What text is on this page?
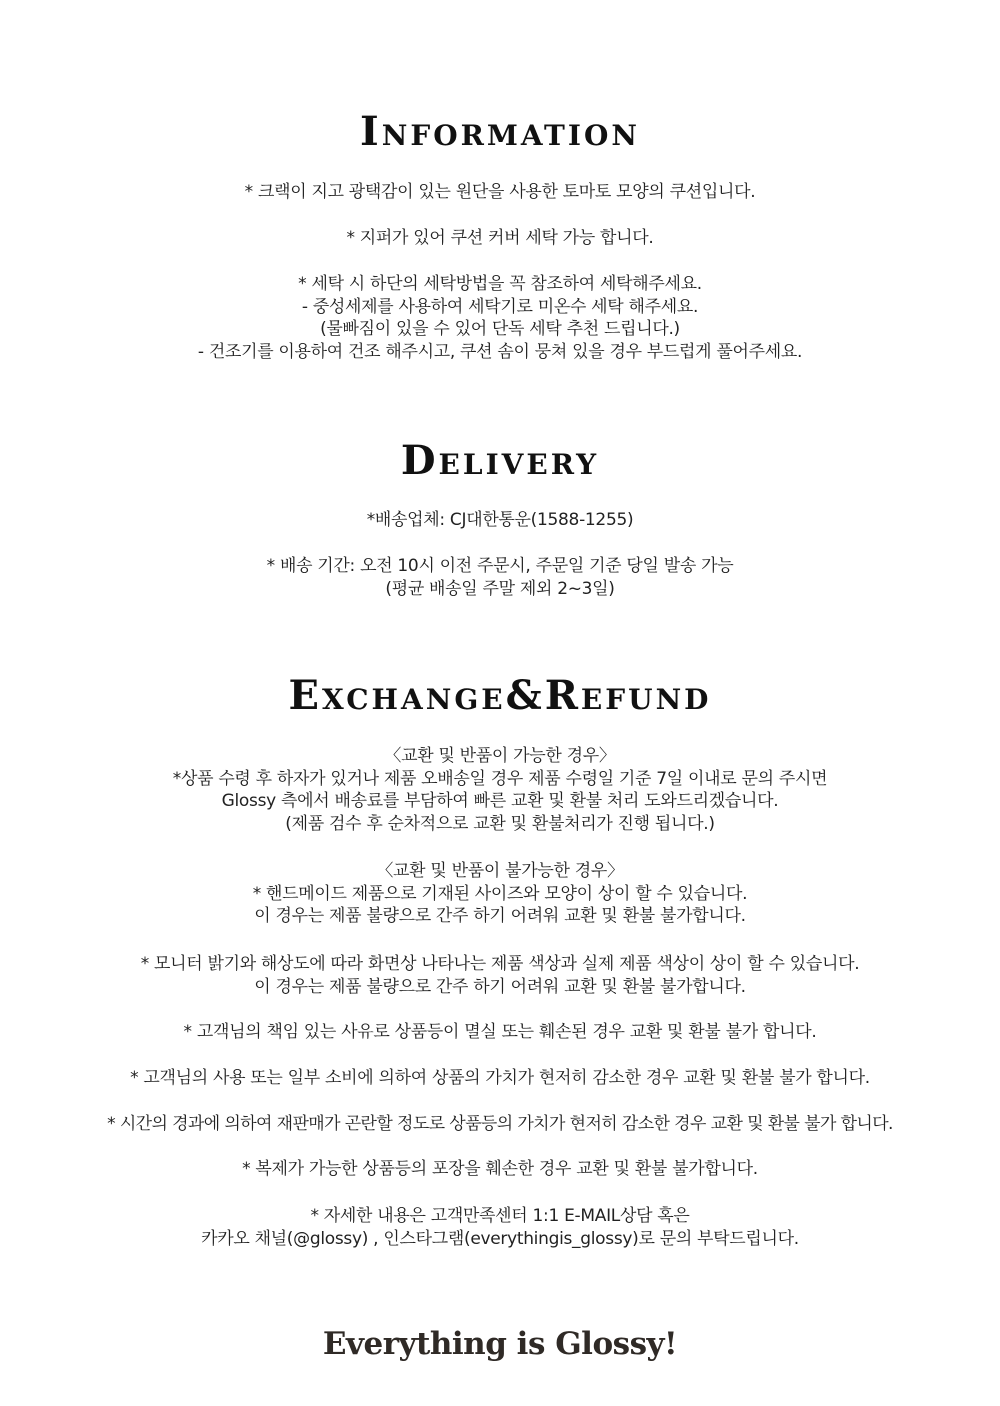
Information
* 크랙이 지고 광택감이 있는 원단을 사용한 토마토 모양의 쿠션입니다.
* 지퍼가 있어 쿠션 커버 세탁 가능 합니다.
* 세탁 시 하단의 세탁방법을 꼭 참조하여 세탁해주세요.
- 중성세제를 사용하여 세탁기로 미온수 세탁 해주세요.
(물빠짐이 있을 수 있어 단독 세탁 추천 드립니다.)
- 건조기를 이용하여 건조 해주시고, 쿠션 솜이 뭉쳐 있을 경우 부드럽게 풀어주세요.
Delivery
*배송업체: CJ대한통운(1588-1255)
* 배송 기간: 오전 10시 이전 주문시, 주문일 기준 당일 발송 가능
(평균 배송일 주말 제외 2~3일)
Exchange&Refund
〈교환 및 반품이 가능한 경우〉
*상품 수령 후 하자가 있거나 제품 오배송일 경우 제품 수령일 기준 7일 이내로 문의 주시면
Glossy 측에서 배송료를 부담하여 빠른 교환 및 환불 처리 도와드리겠습니다.
(제품 검수 후 순차적으로 교환 및 환불처리가 진행 됩니다.)
〈교환 및 반품이 불가능한 경우〉
* 핸드메이드 제품으로 기재된 사이즈와 모양이 상이 할 수 있습니다.
이 경우는 제품 불량으로 간주 하기 어려워 교환 및 환불 불가합니다.
* 모니터 밝기와 해상도에 따라 화면상 나타나는 제품 색상과 실제 제품 색상이 상이 할 수 있습니다.
이 경우는 제품 불량으로 간주 하기 어려워 교환 및 환불 불가합니다.
* 고객님의 책임 있는 사유로 상품등이 멸실 또는 훼손된 경우 교환 및 환불 불가 합니다.
* 고객님의 사용 또는 일부 소비에 의하여 상품의 가치가 현저히 감소한 경우 교환 및 환불 불가 합니다.
* 시간의 경과에 의하여 재판매가 곤란할 정도로 상품등의 가치가 현저히 감소한 경우 교환 및 환불 불가 합니다.
* 복제가 가능한 상품등의 포장을 훼손한 경우 교환 및 환불 불가합니다.
* 자세한 내용은 고객만족센터 1:1 E-MAIL상담 혹은
카카오 채널(@glossy) , 인스타그램(everythingis_glossy)로 문의 부탁드립니다.
Everything is Glossy!
